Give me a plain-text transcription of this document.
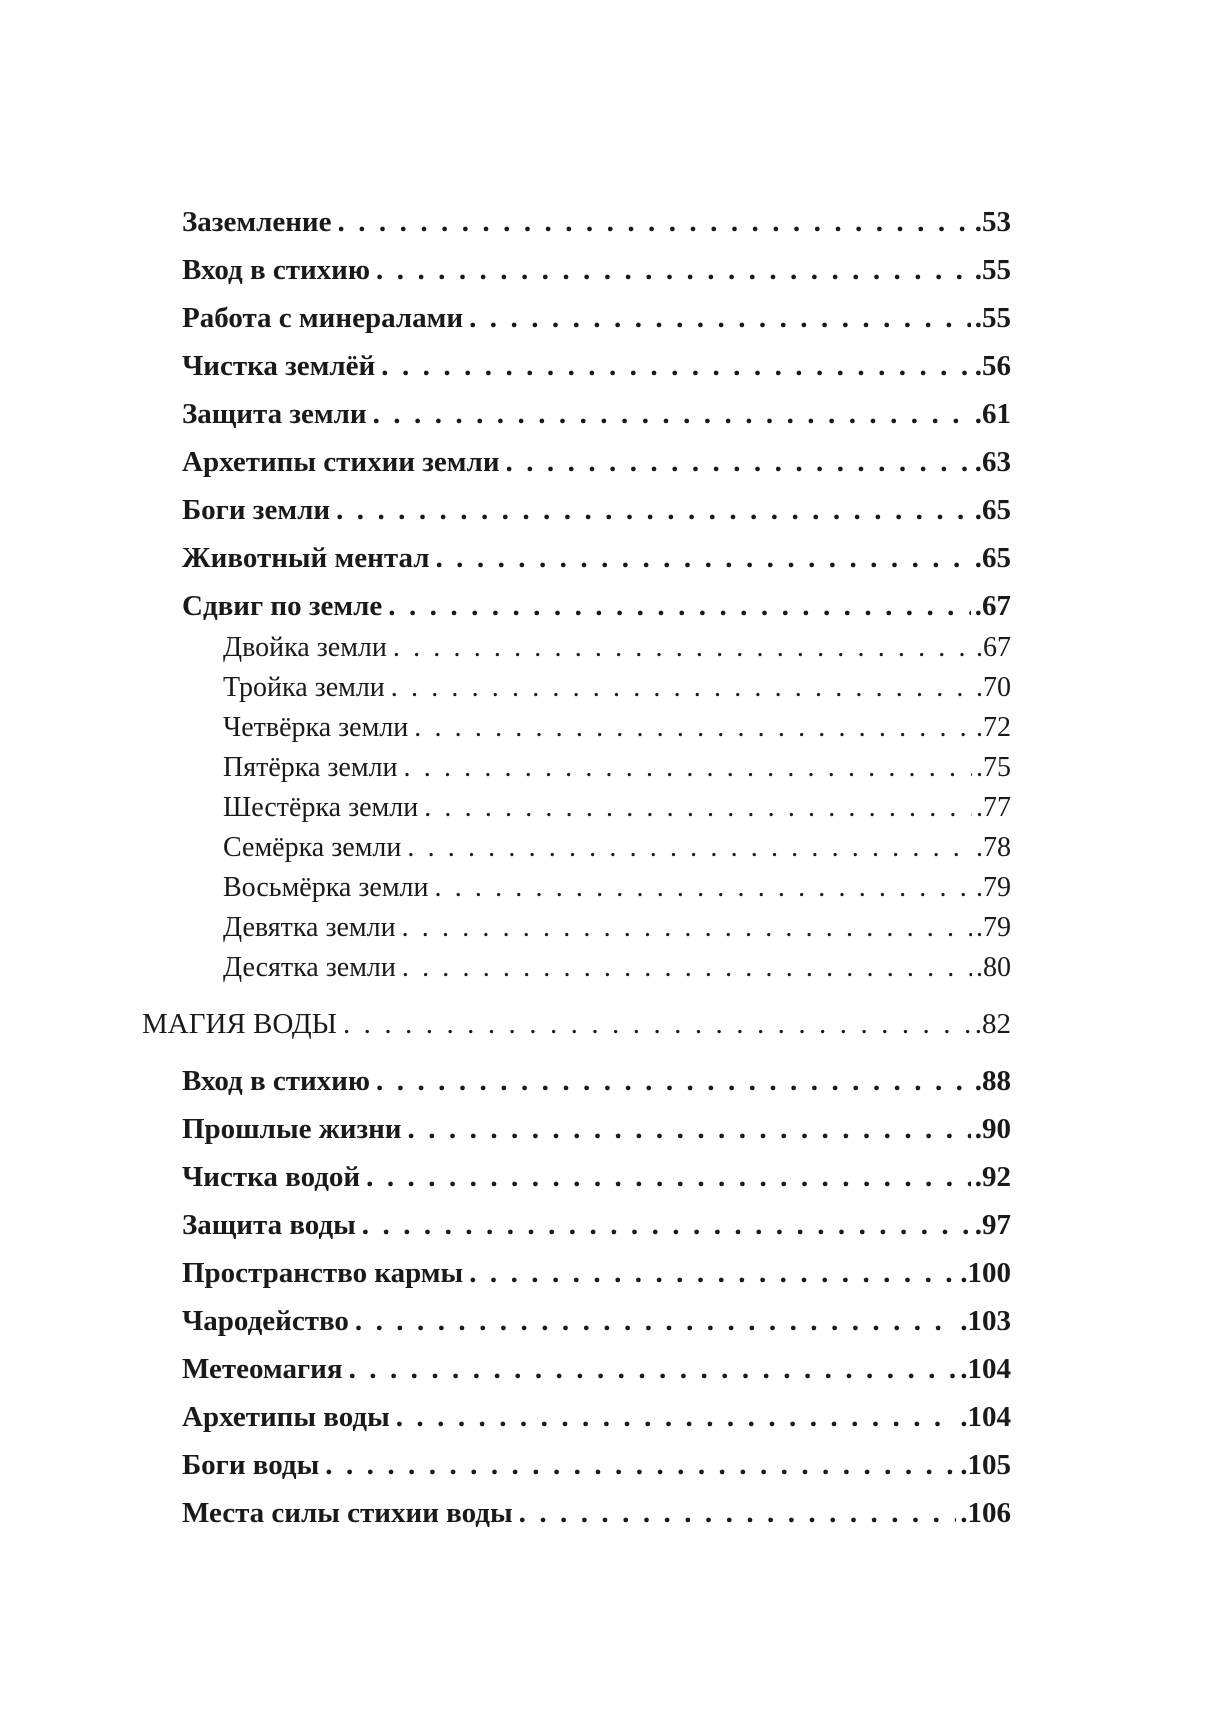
Заземление . . .	.53
Вход в стихию . . .	.55
Работа с минералами . . .	.55
Чистка землёй . . .	.56
Защита земли . . .	.61
Архетипы стихии земли . . .	.63
Боги земли . . .	.65
Животный ментал . . .	.65
Сдвиг по земле . . .	.67
Двойка земли . . .	.67
Тройка земли . . .	.70
Четвёрка земли . . .	.72
Пятёрка земли . . .	.75
Шестёрка земли . . .	.77
Семёрка земли . . .	.78
Восьмёрка земли . . .	.79
Девятка земли . . .	.79
Десятка земли . . .	.80
МАГИЯ ВОДЫ . . .	.82
Вход в стихию . . .	.88
Прошлые жизни . . .	.90
Чистка водой . . .	.92
Защита воды . . .	.97
Пространство кармы . . .	.100
Чародейство . . .	.103
Метеомагия . . .	.104
Архетипы воды . . .	.104
Боги воды . . .	.105
Места силы стихии воды . . .	.106
